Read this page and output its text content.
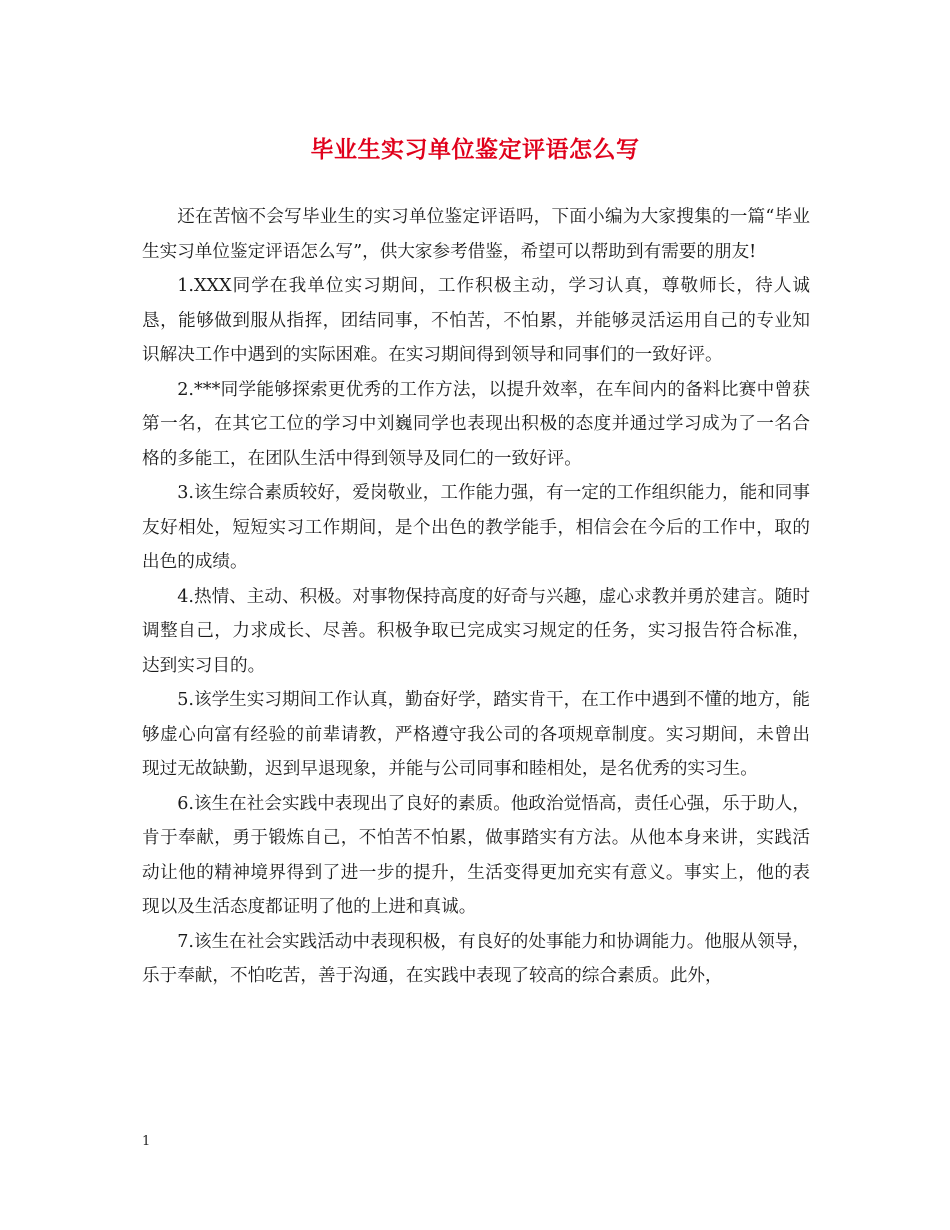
毕业生实习单位鉴定评语怎么写

还在苦恼不会写毕业生的实习单位鉴定评语吗，下面小编为大家搜集的一篇“毕业生实习单位鉴定评语怎么写”，供大家参考借鉴，希望可以帮助到有需要的朋友!

1.XXX同学在我单位实习期间，工作积极主动，学习认真，尊敬师长，待人诚恳，能够做到服从指挥，团结同事，不怕苦，不怕累，并能够灵活运用自己的专业知识解决工作中遇到的实际困难。在实习期间得到领导和同事们的一致好评。

2.***同学能够探索更优秀的工作方法，以提升效率，在车间内的备料比赛中曾获第一名，在其它工位的学习中刘巍同学也表现出积极的态度并通过学习成为了一名合格的多能工，在团队生活中得到领导及同仁的一致好评。

3.该生综合素质较好，爱岗敬业，工作能力强，有一定的工作组织能力，能和同事友好相处，短短实习工作期间，是个出色的教学能手，相信会在今后的工作中，取的出色的成绩。

4.热情、主动、积极。对事物保持高度的好奇与兴趣，虚心求教并勇於建言。随时调整自己，力求成长、尽善。积极争取已完成实习规定的任务，实习报告符合标准，达到实习目的。

5.该学生实习期间工作认真，勤奋好学，踏实肯干，在工作中遇到不懂的地方，能够虚心向富有经验的前辈请教，严格遵守我公司的各项规章制度。实习期间，未曾出现过无故缺勤，迟到早退现象，并能与公司同事和睦相处，是名优秀的实习生。

6.该生在社会实践中表现出了良好的素质。他政治觉悟高，责任心强，乐于助人，肯于奉献，勇于锻炼自己，不怕苦不怕累，做事踏实有方法。从他本身来讲，实践活动让他的精神境界得到了进一步的提升，生活变得更加充实有意义。事实上，他的表现以及生活态度都证明了他的上进和真诚。

7.该生在社会实践活动中表现积极，有良好的处事能力和协调能力。他服从领导，乐于奉献，不怕吃苦，善于沟通，在实践中表现了较高的综合素质。此外，

1
